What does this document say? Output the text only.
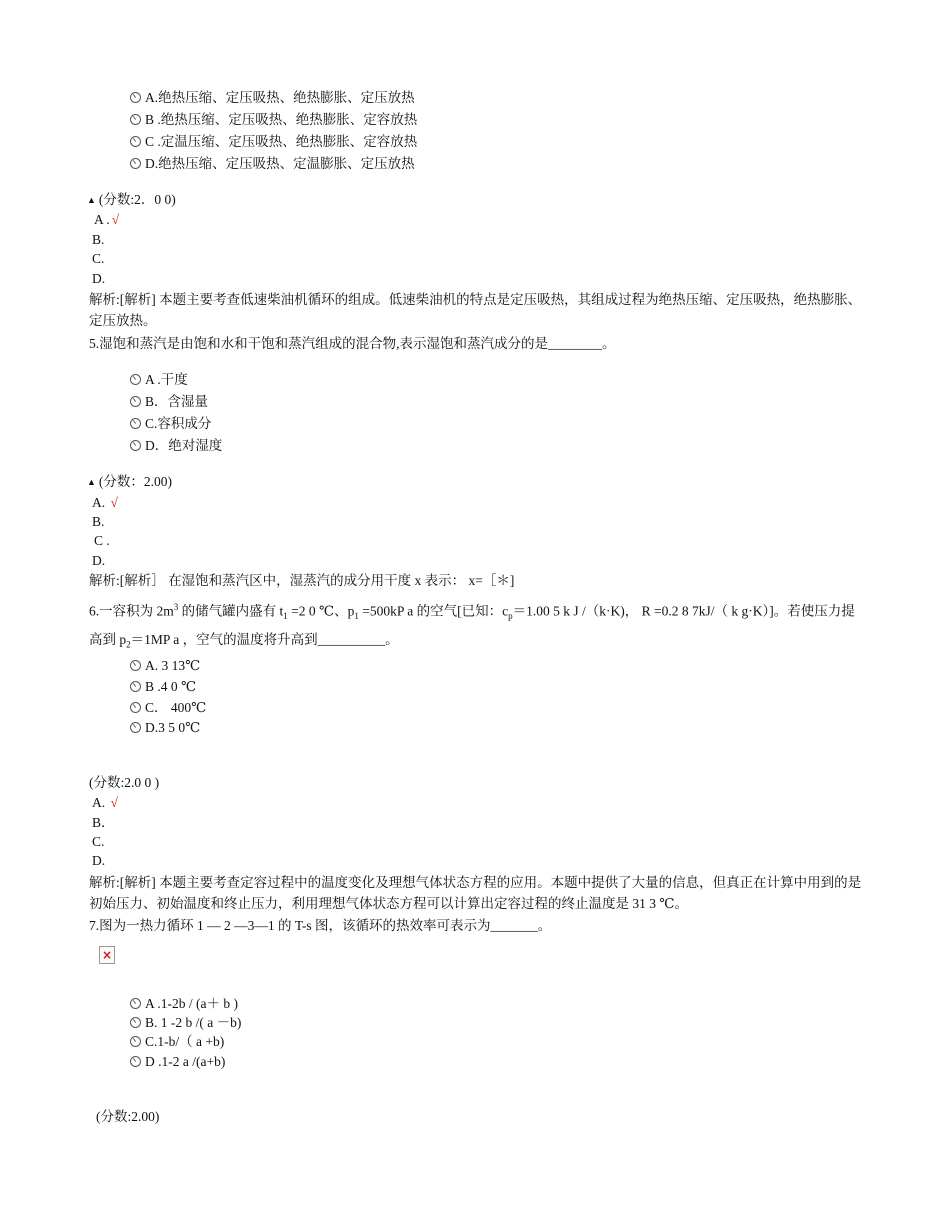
A.绝热压缩、定压吸热、绝热膨胀、定压放热
B .绝热压缩、定压吸热、绝热膨胀、定容放热
C .定温压缩、定压吸热、绝热膨胀、定容放热
D.绝热压缩、定压吸热、定温膨胀、定压放热
▲ (分数:2．0 0)
A . √
B.
C.
D.
解析:[解析] 本题主要考查低速柴油机循环的组成。低速柴油机的特点是定压吸热，其组成过程为绝热压缩、定压吸热，绝热膨胀、定压放热。
5.湿饱和蒸汽是由饱和水和干饱和蒸汽组成的混合物,表示湿饱和蒸汽成分的是________。
A .干度
B．含湿量
C.容积成分
D．绝对湿度
▲ (分数：2.00)
A. √
B.
C .
D.
解析:[解析］ 在湿饱和蒸汽区中，湿蒸汽的成分用干度 x 表示： x=［＊]
6.一容积为 $2m^3$ 的储气罐内盛有 $t_1 =2$ 0 ℃、$p_1 =500kP$ a 的空气[已知：$c_p=1.00$ 5 k J /（k·K)， R =0.2 8 7kJ/（ k g·K）]。若使压力提高到 $p_2=1MP$ a ，空气的温度将升高到__________。
A. 3 13℃
B .4 0 ℃
C． 400℃
D.3 5 0℃
(分数:2.0 0 )
A. √
B．
C.
D.
解析:[解析] 本题主要考查定容过程中的温度变化及理想气体状态方程的应用。本题中提供了大量的信息，但真正在计算中用到的是初始压力、初始温度和终止压力，利用理想气体状态方程可以计算出定容过程的终止温度是 31 3 ℃。
7.图为一热力循环 1 — 2 —3—1 的 T-s 图，该循环的热效率可表示为_______。
×
A .1-2b / (a＋ b )
B. 1 -2 b /( a －b)
C.1-b/（ a +b)
D .1-2 a /(a+b)
(分数:2.00)
